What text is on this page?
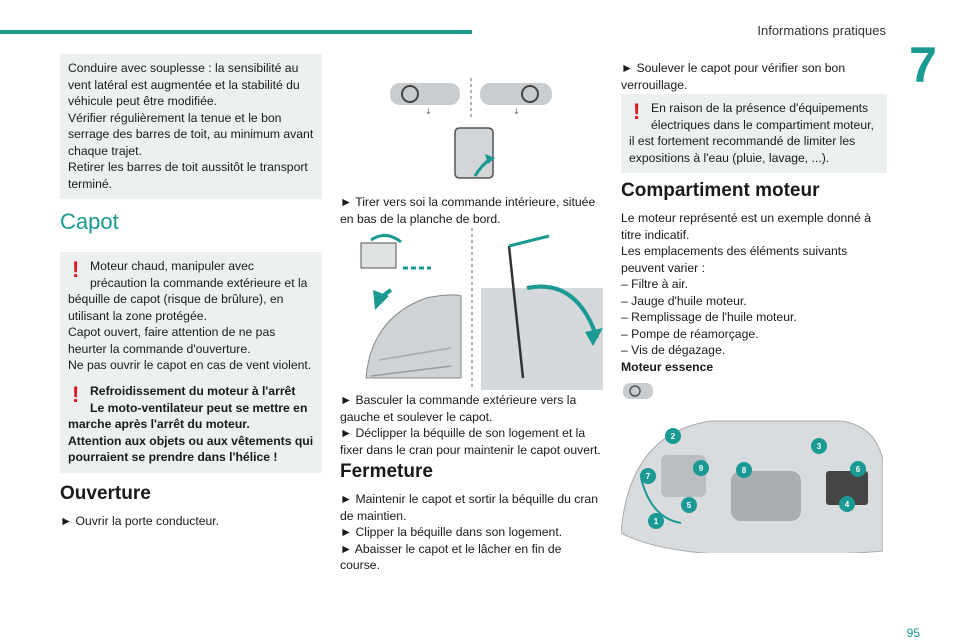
Informations pratiques
7

Conduire avec souplesse : la sensibilité au

vent latéral est augmentée et la stabilité du

véhicule peut être modifiée.

Vérifier régulièrement la tenue et le bon

serrage des barres de toit, au minimum avant

chaque trajet.

Retirer les barres de toit aussitôt le transport

terminé.

Capot
! Moteur chaud, manipuler avec

précaution la commande extérieure et la

béquille de capot (risque de brûlure), en

utilisant la zone protégée.

Capot ouvert, faire attention de ne pas

heurter la commande d'ouverture.

Ne pas ouvrir le capot en cas de vent violent.

! Refroidissement du moteur à l'arrêt

Le moto-ventilateur peut se mettre en

marche après l'arrêt du moteur.

Attention aux objets ou aux vêtements qui

pourraient se prendre dans l'hélice !

Ouverture

► Ouvrir la porte conducteur.

↓	↓

► Tirer vers soi la commande intérieure, située

en bas de la planche de bord.

► Basculer la commande extérieure vers la

gauche et soulever le capot.

► Déclipper la béquille de son logement et la

fixer dans le cran pour maintenir le capot ouvert.

Fermeture

► Maintenir le capot et sortir la béquille du cran

de maintien.

► Clipper la béquille dans son logement.

► Abaisser le capot et le lâcher en fin de

course.

► Soulever le capot pour vérifier son bon

verrouillage.

! En raison de la présence d'équipements

électriques dans le compartiment moteur,

il est fortement recommandé de limiter les

expositions à l'eau (pluie, lavage, ...).

Compartiment moteur

Le moteur représenté est un exemple donné à

titre indicatif.

Les emplacements des éléments suivants

peuvent varier :

– Filtre à air.

– Jauge d'huile moteur.

– Remplissage de l'huile moteur.

– Pompe de réamorçage.

– Vis de dégazage.

Moteur essence

2
3
9	8	6
7
5	4
1
95
